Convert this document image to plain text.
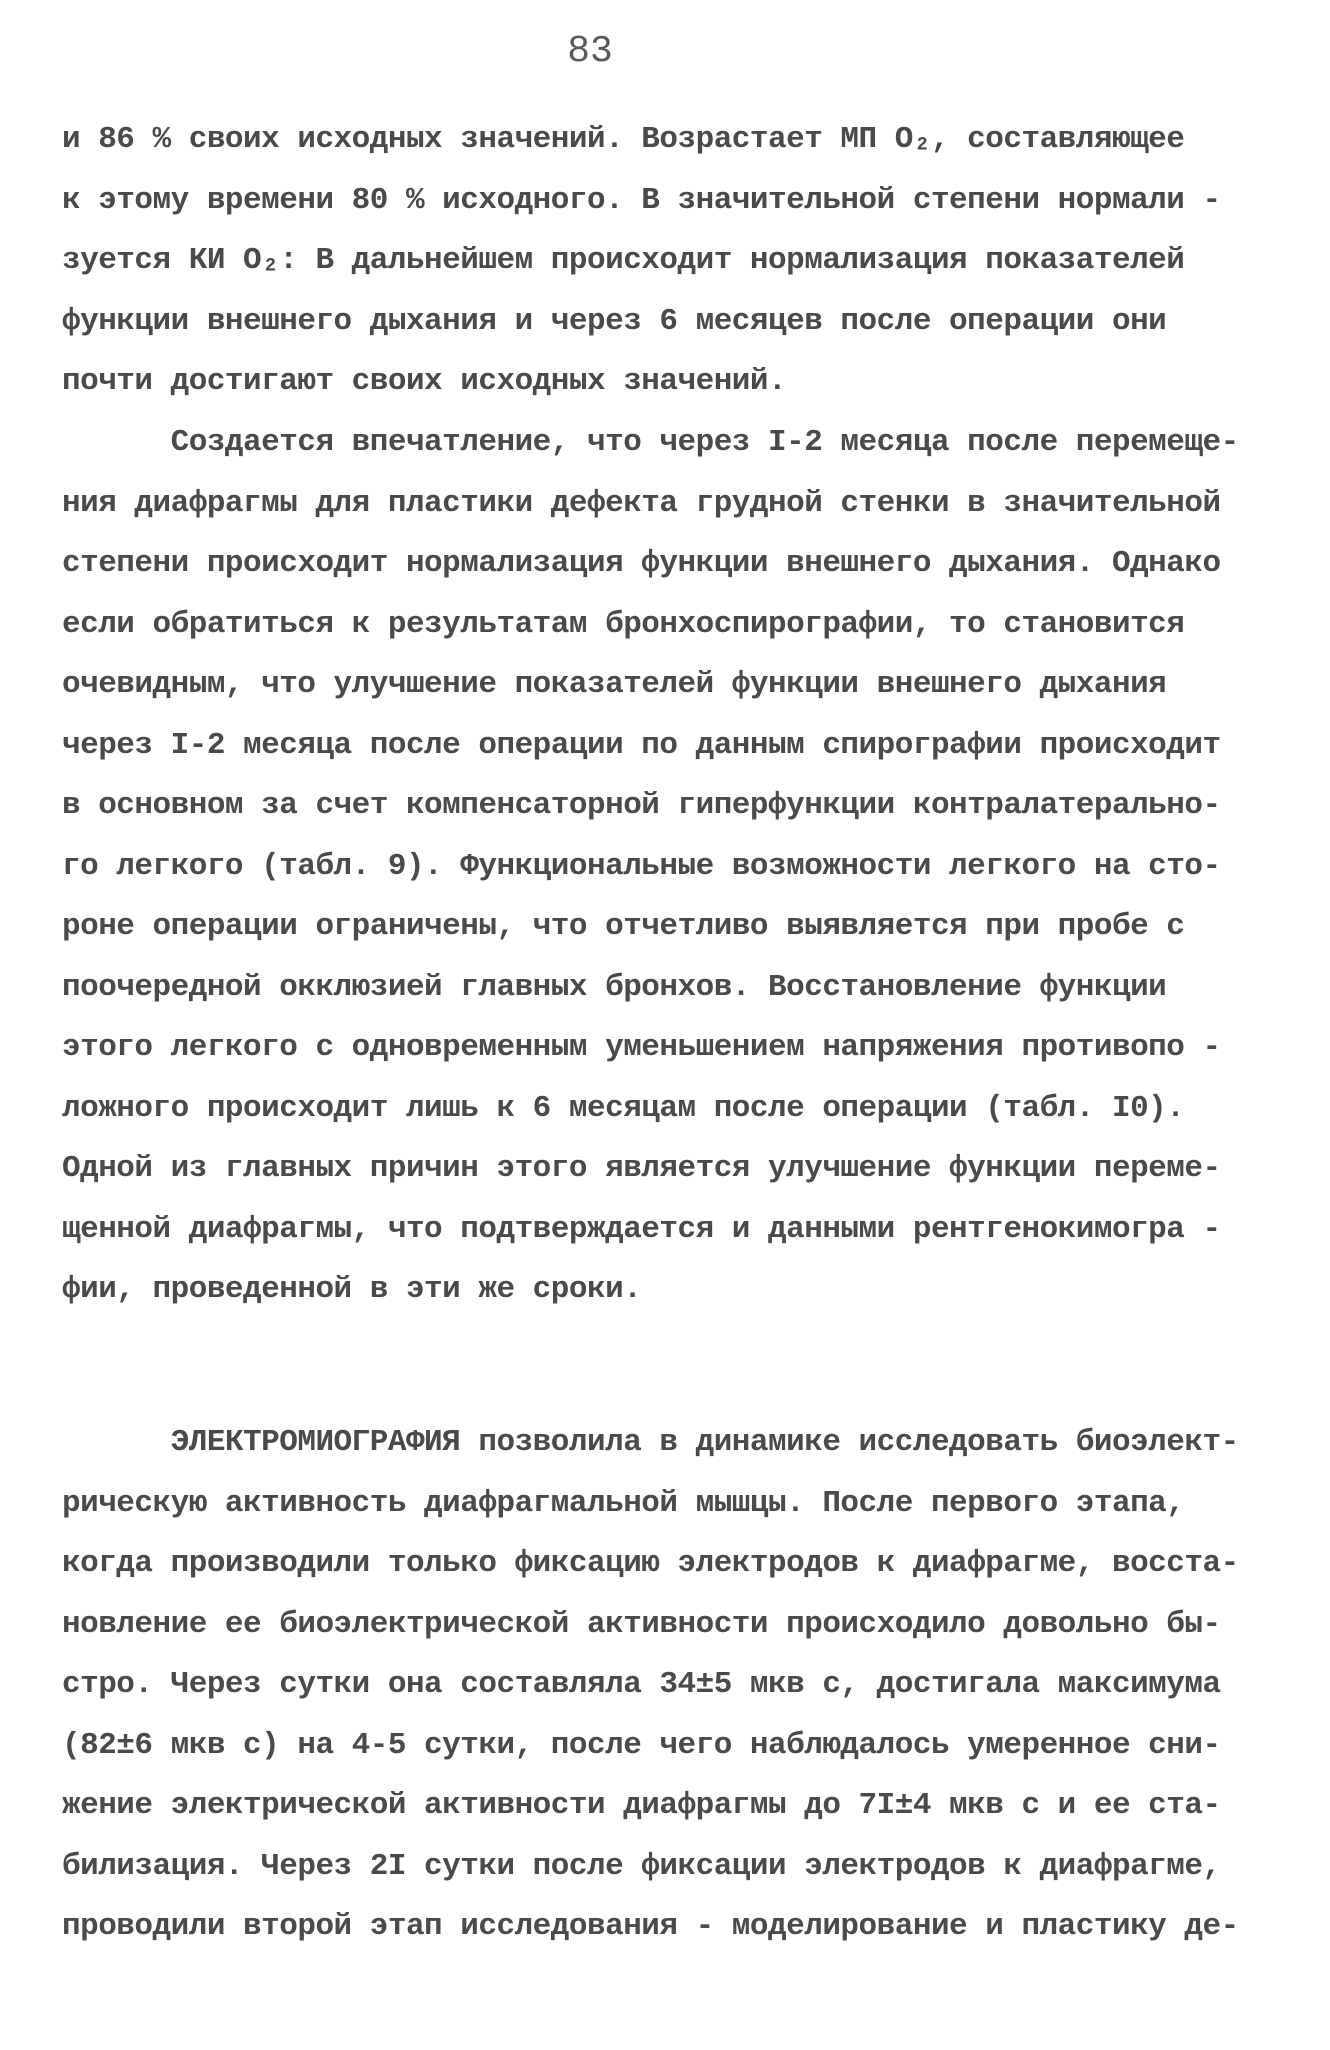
83
и 86 % своих исходных значений. Возрастает МП O₂, составляющее
к этому времени 80 % исходного. В значительной степени нормали -
зуется КИ O₂: В дальнейшем происходит нормализация показателей
функции внешнего дыхания и через 6 месяцев после операции они
почти достигают своих исходных значений.
Создается впечатление, что через I-2 месяца после перемеще-
ния диафрагмы для пластики дефекта грудной стенки в значительной
степени происходит нормализация функции внешнего дыхания. Однако
если обратиться к результатам бронхоспирографии, то становится
очевидным, что улучшение показателей функции внешнего дыхания
через I-2 месяца после операции по данным спирографии происходит
в основном за счет компенсаторной гиперфункции контралатерально-
го легкого (табл. 9). Функциональные возможности легкого на сто-
роне операции ограничены, что отчетливо выявляется при пробе с
поочередной окклюзией главных бронхов. Восстановление функции
этого легкого с одновременным уменьшением напряжения противопо -
ложного происходит лишь к 6 месяцам после операции (табл. I0).
Одной из главных причин этого является улучшение функции переме-
щенной диафрагмы, что подтверждается и данными рентгенокимогра -
фии, проведенной в эти же сроки.
ЭЛЕКТРОМИОГРАФИЯ позволила в динамике исследовать биоэлект-
рическую активность диафрагмальной мышцы. После первого этапа,
когда производили только фиксацию электродов к диафрагме, восста-
новление ее биоэлектрической активности происходило довольно бы-
стро. Через сутки она составляла 34±5 мкв с, достигала максимума
(82±6 мкв с) на 4-5 сутки, после чего наблюдалось умеренное сни-
жение электрической активности диафрагмы до 7I±4 мкв с и ее ста-
билизация. Через 2I сутки после фиксации электродов к диафрагме,
проводили второй этап исследования - моделирование и пластику де-
